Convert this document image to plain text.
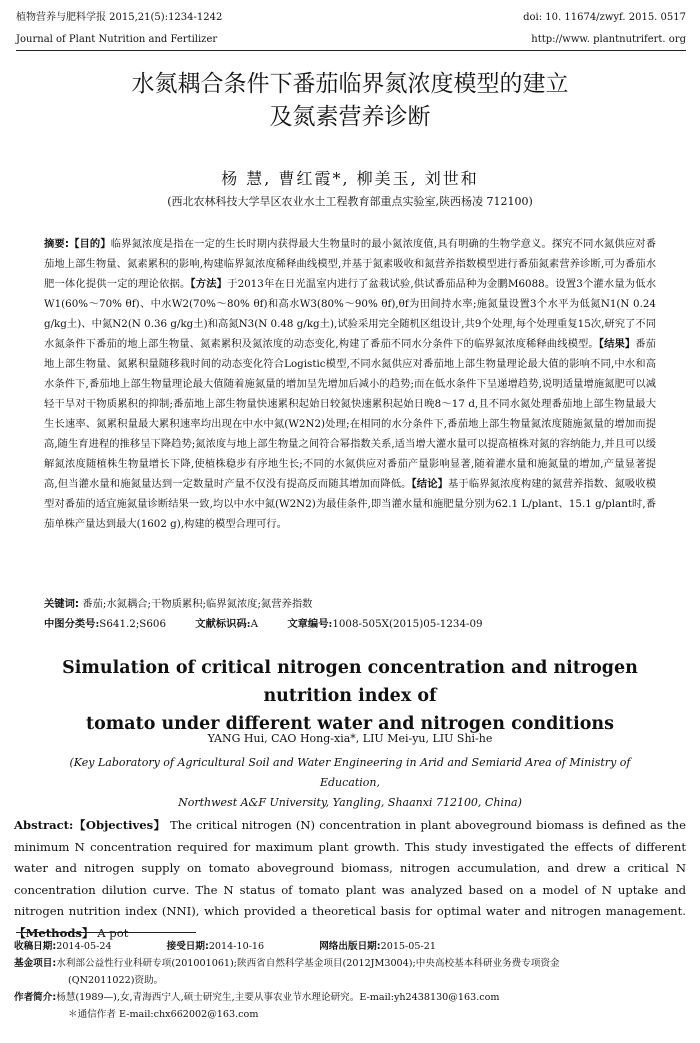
植物营养与肥料学报 2015,21(5):1234-1242	doi: 10. 11674/zwyf. 2015. 0517
Journal of Plant Nutrition and Fertilizer	http://www. plantnutrifert. org
水氮耦合条件下番茄临界氮浓度模型的建立
及氮素营养诊断
杨 慧, 曹红霞*, 柳美玉, 刘世和
(西北农林科技大学旱区农业水土工程教育部重点实验室,陕西杨凌 712100)
摘要:【目的】临界氮浓度是指在一定的生长时期内获得最大生物量时的最小氮浓度值,具有明确的生物学意义。探究不同水氮供应对番茄地上部生物量、氮素累积的影响,构建临界氮浓度稀释曲线模型,并基于氮素吸收和氮营养指数模型进行番茄氮素营养诊断,可为番茄水肥一体化提供一定的理论依据。【方法】于2013年在日光温室内进行了盆栽试验,供试番茄品种为金鹏M6088。设置3个灌水量为低水W1(60%～70% θf)、中水W2(70%～80% θf)和高水W3(80%～90% θf),θf为田间持水率;施氮量设置3个水平为低氮N1(N 0.24 g/kg土)、中氮N2(N 0.36 g/kg土)和高氮N3(N 0.48 g/kg土),试验采用完全随机区组设计,共9个处理,每个处理重复15次,研究了不同水氮条件下番茄的地上部生物量、氮素累积及氮浓度的动态变化,构建了番茄不同水分条件下的临界氮浓度稀释曲线模型。【结果】番茄地上部生物量、氮累积量随移栽时间的动态变化符合Logistic模型,不同水氮供应对番茄地上部生物量理论最大值的影响不同,中水和高水条件下,番茄地上部生物量理论最大值随着施氮量的增加呈先增加后减小的趋势;而在低水条件下呈递增趋势,说明适量增施氮肥可以减轻干旱对干物质累积的抑制;番茄地上部生物量快速累积起始日较氮快速累积起始日晚8～17 d,且不同水氮处理番茄地上部生物量最大生长速率、氮累积量最大累积速率均出现在中水中氮(W2N2)处理;在相同的水分条件下,番茄地上部生物量氮浓度随施氮量的增加而提高,随生育进程的推移呈下降趋势;氮浓度与地上部生物量之间符合幂指数关系,适当增大灌水量可以提高植株对氮的容纳能力,并且可以缓解氮浓度随植株生物量增长下降,使植株稳步有序地生长;不同的水氮供应对番茄产量影响显著,随着灌水量和施氮量的增加,产量显著提高,但当灌水量和施氮量达到一定数量时产量不仅没有提高反而随其增加而降低。【结论】基于临界氮浓度构建的氮营养指数、氮吸收模型对番茄的适宜施氮量诊断结果一致,均以中水中氮(W2N2)为最佳条件,即当灌水量和施肥量分别为62.1 L/plant、15.1 g/plant时,番茄单株产量达到最大(1602 g),构建的模型合理可行。
关键词: 番茄;水氮耦合;干物质累积;临界氮浓度;氮营养指数
中图分类号:S641.2;S606	文献标识码:A	文章编号:1008-505X(2015)05-1234-09
Simulation of critical nitrogen concentration and nitrogen nutrition index of
tomato under different water and nitrogen conditions
YANG Hui, CAO Hong-xia*, LIU Mei-yu, LIU Shi-he
(Key Laboratory of Agricultural Soil and Water Engineering in Arid and Semiarid Area of Ministry of Education,
Northwest A&F University, Yangling, Shaanxi 712100, China)
Abstract:【Objectives】 The critical nitrogen (N) concentration in plant aboveground biomass is defined as the minimum N concentration required for maximum plant growth. This study investigated the effects of different water and nitrogen supply on tomato aboveground biomass, nitrogen accumulation, and drew a critical N concentration dilution curve. The N status of tomato plant was analyzed based on a model of N uptake and nitrogen nutrition index (NNI), which provided a theoretical basis for optimal water and nitrogen management. 【Methods】 A pot
收稿日期:2014-05-24	接受日期:2014-10-16	网络出版日期:2015-05-21
基金项目: 水利部公益性行业科研专项(201001061);陕西省自然科学基金项目(2012JM3004);中央高校基本科研业务费专项资金
(QN2011022)资助。
作者简介: 杨慧(1989—),女,青海西宁人,硕士研究生,主要从事农业节水理论研究。E-mail:yh2438130@163.com
＊通信作者 E-mail:chx662002@163.com
